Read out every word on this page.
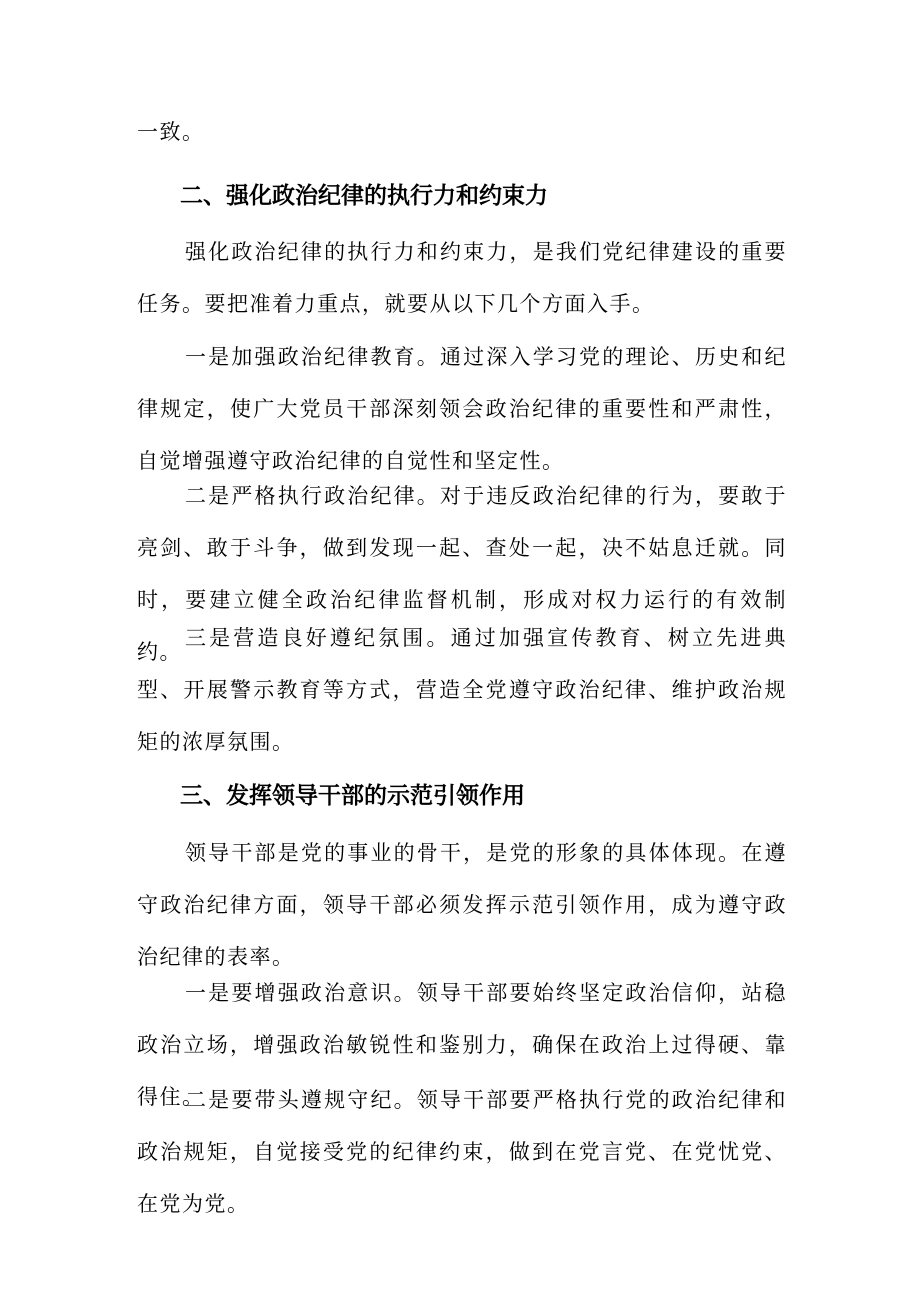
一致。

二、强化政治纪律的执行力和约束力

强化政治纪律的执行力和约束力，是我们党纪律建设的重要任务。要把准着力重点，就要从以下几个方面入手。

一是加强政治纪律教育。通过深入学习党的理论、历史和纪律规定，使广大党员干部深刻领会政治纪律的重要性和严肃性，自觉增强遵守政治纪律的自觉性和坚定性。

二是严格执行政治纪律。对于违反政治纪律的行为，要敢于亮剑、敢于斗争，做到发现一起、查处一起，决不姑息迁就。同时，要建立健全政治纪律监督机制，形成对权力运行的有效制约。

三是营造良好遵纪氛围。通过加强宣传教育、树立先进典型、开展警示教育等方式，营造全党遵守政治纪律、维护政治规矩的浓厚氛围。

三、发挥领导干部的示范引领作用

领导干部是党的事业的骨干，是党的形象的具体体现。在遵守政治纪律方面，领导干部必须发挥示范引领作用，成为遵守政治纪律的表率。

一是要增强政治意识。领导干部要始终坚定政治信仰，站稳政治立场，增强政治敏锐性和鉴别力，确保在政治上过得硬、靠得住。

二是要带头遵规守纪。领导干部要严格执行党的政治纪律和政治规矩，自觉接受党的纪律约束，做到在党言党、在党忧党、在党为党。
